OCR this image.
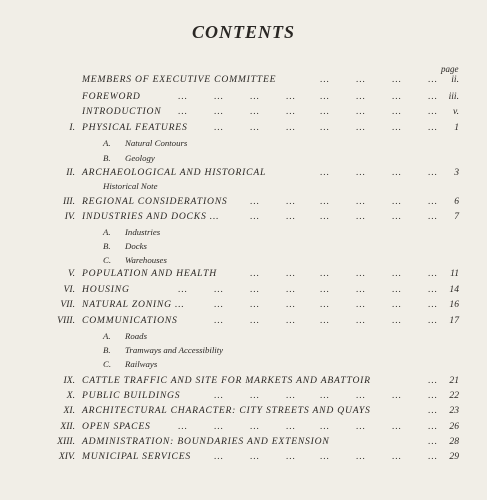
CONTENTS
page
MEMBERS OF EXECUTIVE COMMITTEE	...	...	...	... ii.
FOREWORD	...	...	...	...	...	...	...	... iii.
INTRODUCTION ...	...	...	...	...	...	...	... v.
I. PHYSICAL FEATURES	...	...	...	...	...	...	... 1
A. Natural Contours
B. Geology
II. ARCHAEOLOGICAL AND HISTORICAL	...	...	...	... 3
Historical Note
III. REGIONAL CONSIDERATIONS ...	...	...	...	...	... 6
IV. INDUSTRIES AND DOCKS ...	...	...	...	...	...	... 7
A. Industries
B. Docks
C. Warehouses
V. POPULATION AND HEALTH	...	...	...	...	...	... 11
VI. HOUSING	...	...	...	...	...	...	...	... 14
VII. NATURAL ZONING ...	...	...	...	...	...	...	... 16
VIII. COMMUNICATIONS	...	...	...	...	...	...	... 17
A. Roads
B. Tramways and Accessibility
C. Railways
IX. CATTLE TRAFFIC AND SITE FOR MARKETS AND ABATTOIR	... 21
X. PUBLIC BUILDINGS	...	...	...	...	...	...	... 22
XI. ARCHITECTURAL CHARACTER: CITY STREETS AND QUAYS	... 23
XII. OPEN SPACES	...	...	...	...	...	...	...	... 26
XIII. ADMINISTRATION: BOUNDARIES AND EXTENSION	... 28
XIV. MUNICIPAL SERVICES	...	...	...	...	...	...	... 29
